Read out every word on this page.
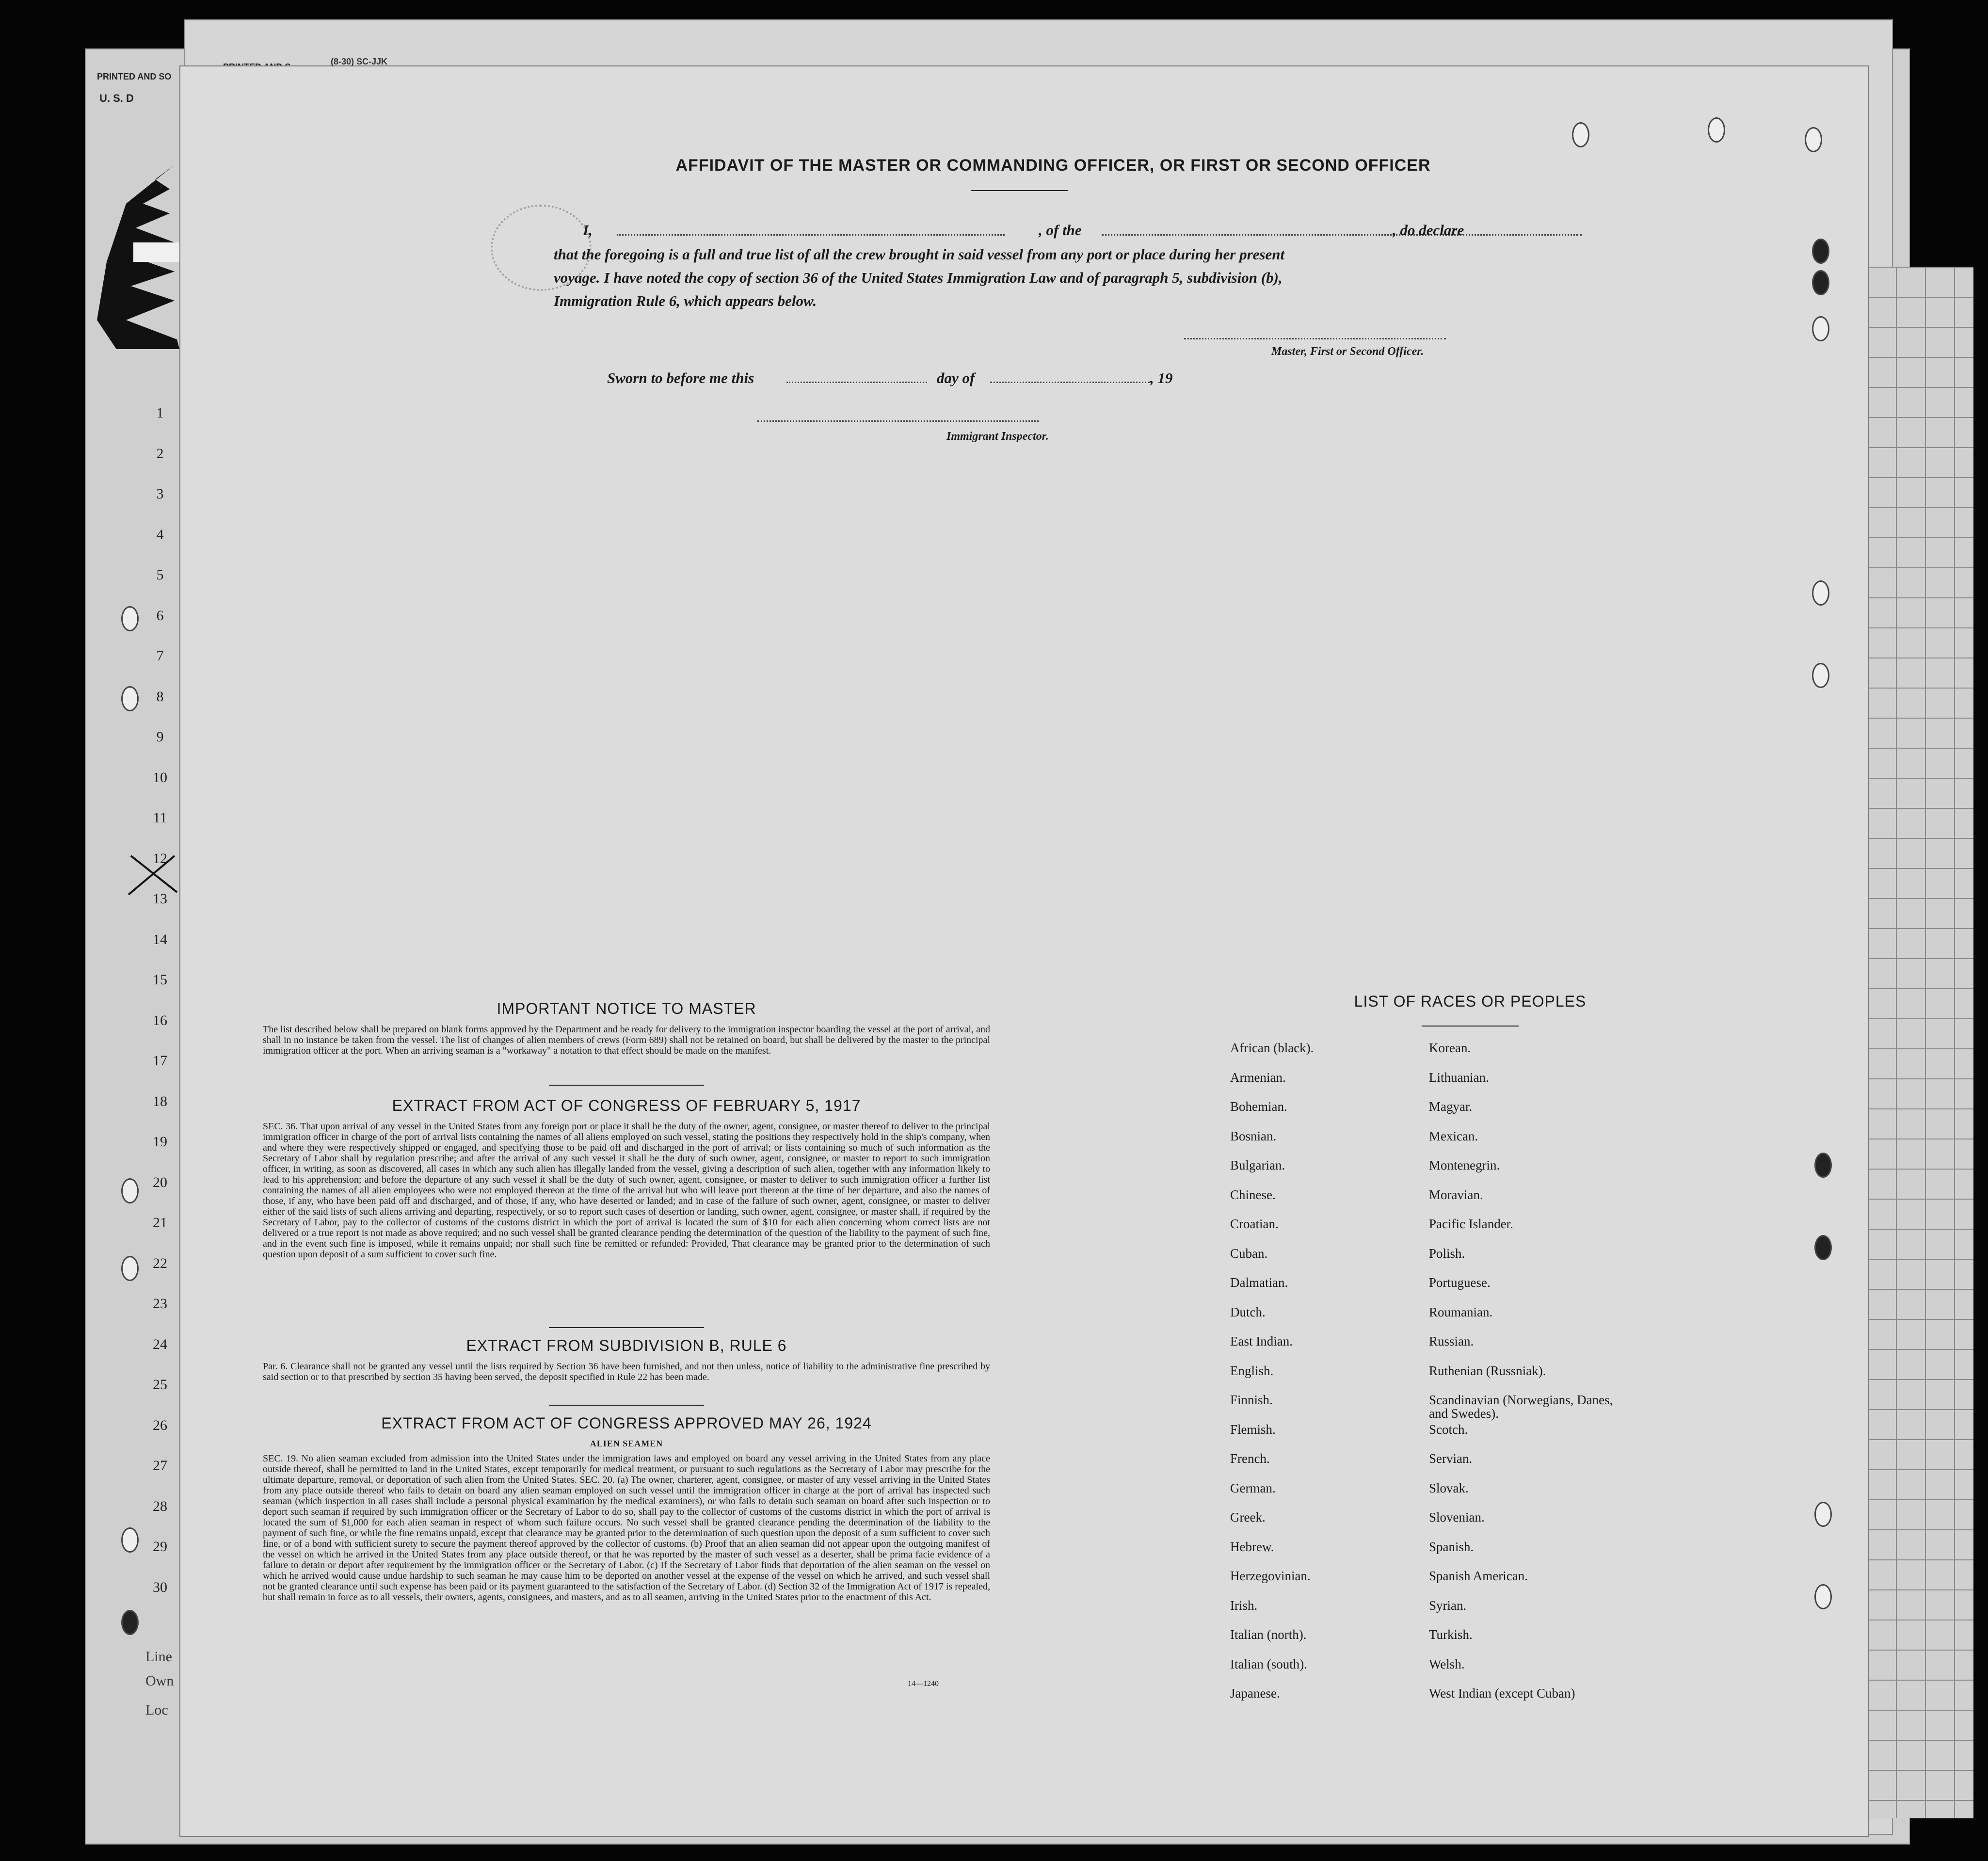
PRINTED AND SO
U. S. D
1
2
3
4
5
6
7
8
9
10
11
12
13
14
15
16
17
18
19
20
21
22
23
24
25
26
27
28
29
30
Line
Own
Loc
(8-30) SC-JJK
AFFIDAVIT OF THE MASTER OR COMMANDING OFFICER, OR FIRST OR SECOND OFFICER
I,	, of the	, do declare
that the foregoing is a full and true list of all the crew brought in said vessel from any port or place during her present
voyage. I have noted the copy of section 36 of the United States Immigration Law and of paragraph 5, subdivision (b),
Immigration Rule 6, which appears below.
Master, First or Second Officer.
Sworn to before me this	day of	, 19
Immigrant Inspector.
IMPORTANT NOTICE TO MASTER
The list described below shall be prepared on blank forms approved by the Department and be ready for delivery to the immigration inspector boarding the vessel at the port of arrival, and shall in no instance be taken from the vessel. The list of changes of alien members of crews (Form 689) shall not be retained on board, but shall be delivered by the master to the principal immigration officer at the port. When an arriving seaman is a "workaway" a notation to that effect should be made on the manifest.
EXTRACT FROM ACT OF CONGRESS OF FEBRUARY 5, 1917
SEC. 36. That upon arrival of any vessel in the United States from any foreign port or place it shall be the duty of the owner, agent, consignee, or master thereof to deliver to the principal immigration officer in charge of the port of arrival lists containing the names of all aliens employed on such vessel, stating the positions they respectively hold in the ship's company, when and where they were respectively shipped or engaged, and specifying those to be paid off and discharged in the port of arrival; or lists containing so much of such information as the Secretary of Labor shall by regulation prescribe; and after the arrival of any such vessel it shall be the duty of such owner, agent, consignee, or master to report to such immigration officer, in writing, as soon as discovered, all cases in which any such alien has illegally landed from the vessel, giving a description of such alien, together with any information likely to lead to his apprehension; and before the departure of any such vessel it shall be the duty of such owner, agent, consignee, or master to deliver to such immigration officer a further list containing the names of all alien employees who were not employed thereon at the time of the arrival but who will leave port thereon at the time of her departure, and also the names of those, if any, who have been paid off and discharged, and of those, if any, who have deserted or landed; and in case of the failure of such owner, agent, consignee, or master to deliver either of the said lists of such aliens arriving and departing, respectively, or so to report such cases of desertion or landing, such owner, agent, consignee, or master shall, if required by the Secretary of Labor, pay to the collector of customs of the customs district in which the port of arrival is located the sum of $10 for each alien concerning whom correct lists are not delivered or a true report is not made as above required; and no such vessel shall be granted clearance pending the determination of the question of the liability to the payment of such fine, and in the event such fine is imposed, while it remains unpaid; nor shall such fine be remitted or refunded: Provided, That clearance may be granted prior to the determination of such question upon deposit of a sum sufficient to cover such fine.
EXTRACT FROM SUBDIVISION B, RULE 6
Par. 6. Clearance shall not be granted any vessel until the lists required by Section 36 have been furnished, and not then unless, notice of liability to the administrative fine prescribed by said section or to that prescribed by section 35 having been served, the deposit specified in Rule 22 has been made.
EXTRACT FROM ACT OF CONGRESS APPROVED MAY 26, 1924
ALIEN SEAMEN
SEC. 19. No alien seaman excluded from admission into the United States under the immigration laws and employed on board any vessel arriving in the United States from any place outside thereof, shall be permitted to land in the United States, except temporarily for medical treatment, or pursuant to such regulations as the Secretary of Labor may prescribe for the ultimate departure, removal, or deportation of such alien from the United States. SEC. 20. (a) The owner, charterer, agent, consignee, or master of any vessel arriving in the United States from any place outside thereof who fails to detain on board any alien seaman employed on such vessel until the immigration officer in charge at the port of arrival has inspected such seaman (which inspection in all cases shall include a personal physical examination by the medical examiners), or who fails to detain such seaman on board after such inspection or to deport such seaman if required by such immigration officer or the Secretary of Labor to do so, shall pay to the collector of customs of the customs district in which the port of arrival is located the sum of $1,000 for each alien seaman in respect of whom such failure occurs. No such vessel shall be granted clearance pending the determination of the liability to the payment of such fine, or while the fine remains unpaid, except that clearance may be granted prior to the determination of such question upon the deposit of a sum sufficient to cover such fine, or of a bond with sufficient surety to secure the payment thereof approved by the collector of customs. (b) Proof that an alien seaman did not appear upon the outgoing manifest of the vessel on which he arrived in the United States from any place outside thereof, or that he was reported by the master of such vessel as a deserter, shall be prima facie evidence of a failure to detain or deport after requirement by the immigration officer or the Secretary of Labor. (c) If the Secretary of Labor finds that deportation of the alien seaman on the vessel on which he arrived would cause undue hardship to such seaman he may cause him to be deported on another vessel at the expense of the vessel on which he arrived, and such vessel shall not be granted clearance until such expense has been paid or its payment guaranteed to the satisfaction of the Secretary of Labor. (d) Section 32 of the Immigration Act of 1917 is repealed, but shall remain in force as to all vessels, their owners, agents, consignees, and masters, and as to all seamen, arriving in the United States prior to the enactment of this Act.
14—1240
LIST OF RACES OR PEOPLES
African (black).
Armenian.
Bohemian.
Bosnian.
Bulgarian.
Chinese.
Croatian.
Cuban.
Dalmatian.
Dutch.
East Indian.
English.
Finnish.
Flemish.
French.
German.
Greek.
Hebrew.
Herzegovinian.
Irish.
Italian (north).
Italian (south).
Japanese.
Korean.
Lithuanian.
Magyar.
Mexican.
Montenegrin.
Moravian.
Pacific Islander.
Polish.
Portuguese.
Roumanian.
Russian.
Ruthenian (Russniak).
Scandinavian (Norwegians, Danes, and Swedes).
Scotch.
Servian.
Slovak.
Slovenian.
Spanish.
Spanish American.
Syrian.
Turkish.
Welsh.
West Indian (except Cuban)
